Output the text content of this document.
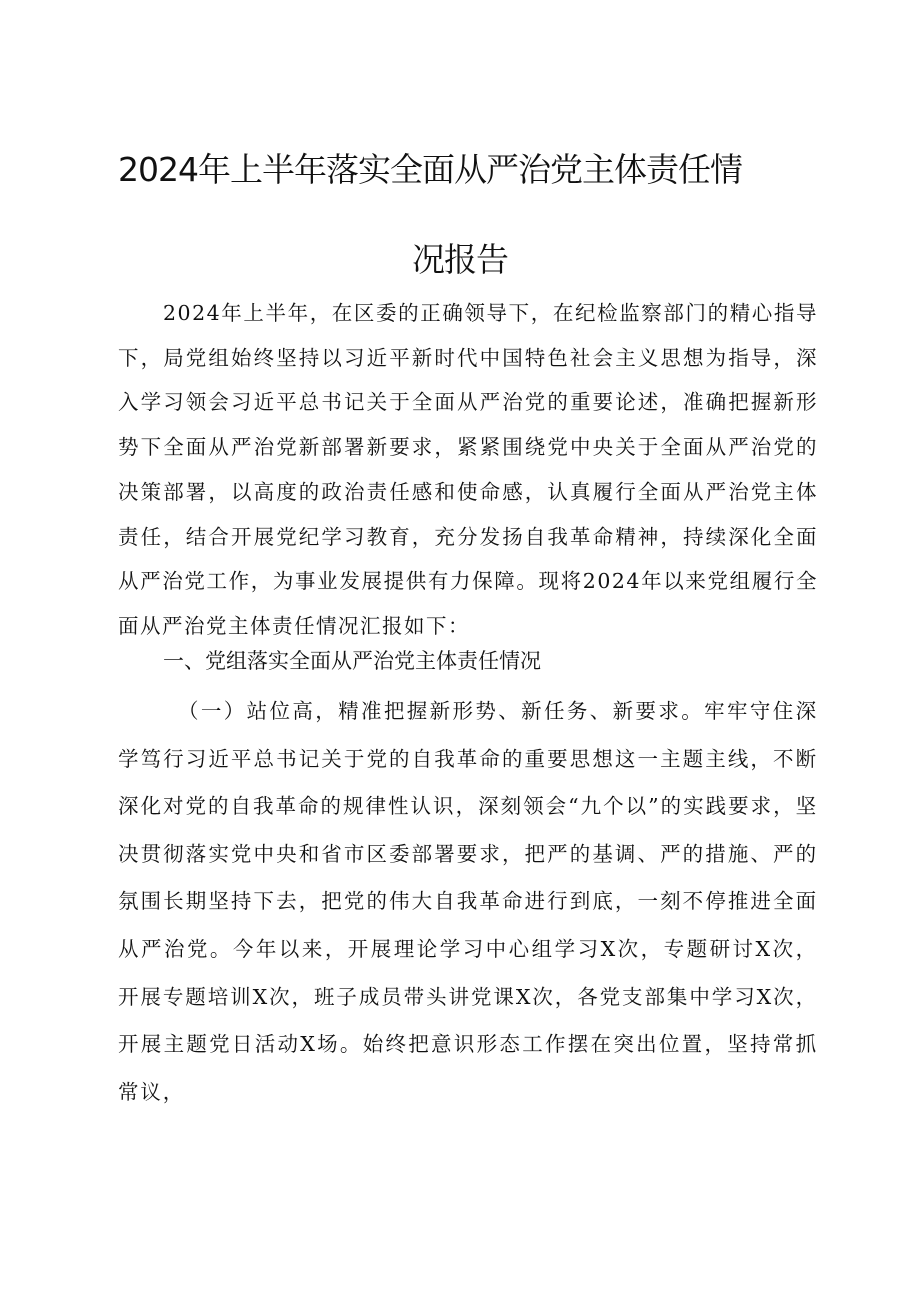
2024年上半年落实全面从严治党主体责任情
况报告
2024年上半年，在区委的正确领导下，在纪检监察部门的精心指导下，局党组始终坚持以习近平新时代中国特色社会主义思想为指导，深入学习领会习近平总书记关于全面从严治党的重要论述，准确把握新形势下全面从严治党新部署新要求，紧紧围绕党中央关于全面从严治党的决策部署，以高度的政治责任感和使命感，认真履行全面从严治党主体责任，结合开展党纪学习教育，充分发扬自我革命精神，持续深化全面从严治党工作，为事业发展提供有力保障。现将2024年以来党组履行全面从严治党主体责任情况汇报如下：
一、党组落实全面从严治党主体责任情况
（一）站位高，精准把握新形势、新任务、新要求。牢牢守住深学笃行习近平总书记关于党的自我革命的重要思想这一主题主线，不断深化对党的自我革命的规律性认识，深刻领会“九个以”的实践要求，坚决贯彻落实党中央和省市区委部署要求，把严的基调、严的措施、严的氛围长期坚持下去，把党的伟大自我革命进行到底，一刻不停推进全面从严治党。今年以来，开展理论学习中心组学习X次，专题研讨X次，开展专题培训X次，班子成员带头讲党课X次，各党支部集中学习X次，开展主题党日活动X场。始终把意识形态工作摆在突出位置，坚持常抓常议，
